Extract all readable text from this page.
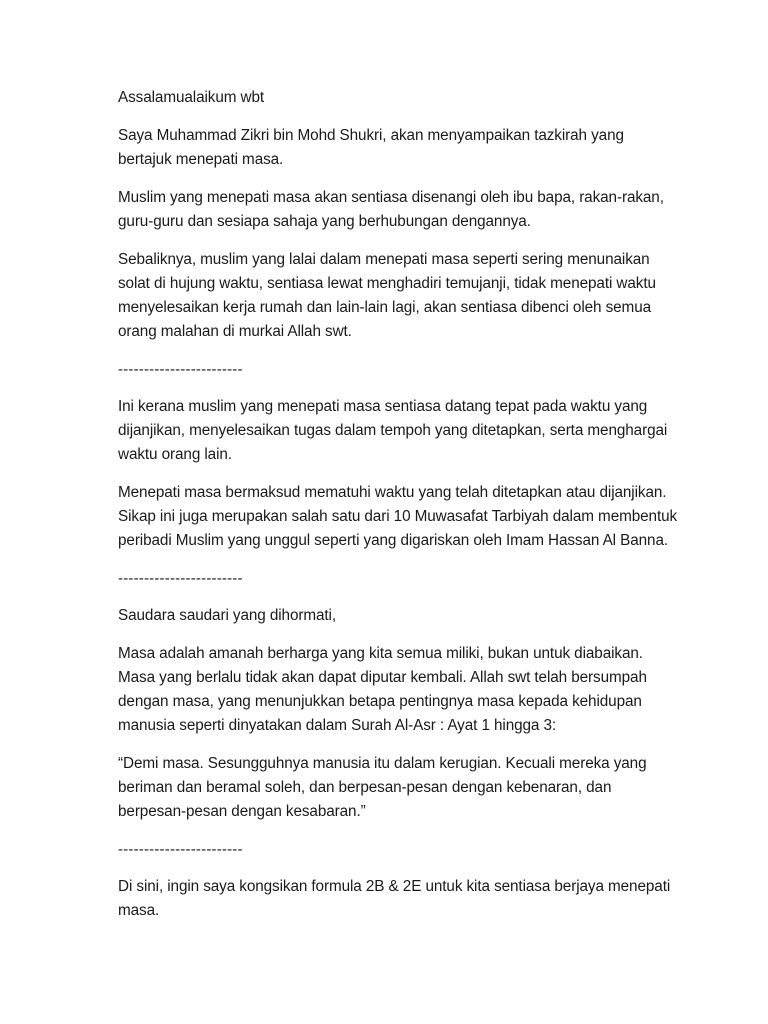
Assalamualaikum wbt

Saya Muhammad Zikri bin Mohd Shukri, akan menyampaikan tazkirah yang bertajuk menepati masa.

Muslim yang menepati masa akan sentiasa disenangi oleh ibu bapa, rakan-rakan, guru-guru dan sesiapa sahaja yang berhubungan dengannya.

Sebaliknya, muslim yang lalai dalam menepati masa seperti sering menunaikan solat di hujung waktu, sentiasa lewat menghadiri temujanji, tidak menepati waktu menyelesaikan kerja rumah dan lain-lain lagi, akan sentiasa dibenci oleh semua orang malahan di murkai Allah swt.

------------------------

Ini kerana muslim yang menepati masa sentiasa datang tepat pada waktu yang dijanjikan, menyelesaikan tugas dalam tempoh yang ditetapkan, serta menghargai waktu orang lain.

Menepati masa bermaksud mematuhi waktu yang telah ditetapkan atau dijanjikan. Sikap ini juga merupakan salah satu dari 10 Muwasafat Tarbiyah dalam membentuk peribadi Muslim yang unggul seperti yang digariskan oleh Imam Hassan Al Banna.

------------------------

Saudara saudari yang dihormati,

Masa adalah amanah berharga yang kita semua miliki, bukan untuk diabaikan. Masa yang berlalu tidak akan dapat diputar kembali. Allah swt telah bersumpah dengan masa, yang menunjukkan betapa pentingnya masa kepada kehidupan manusia seperti dinyatakan dalam Surah Al-Asr : Ayat 1 hingga 3:

“Demi masa. Sesungguhnya manusia itu dalam kerugian. Kecuali mereka yang beriman dan beramal soleh, dan berpesan-pesan dengan kebenaran, dan berpesan-pesan dengan kesabaran.”

------------------------

Di sini, ingin saya kongsikan formula 2B & 2E untuk kita sentiasa berjaya menepati masa.
